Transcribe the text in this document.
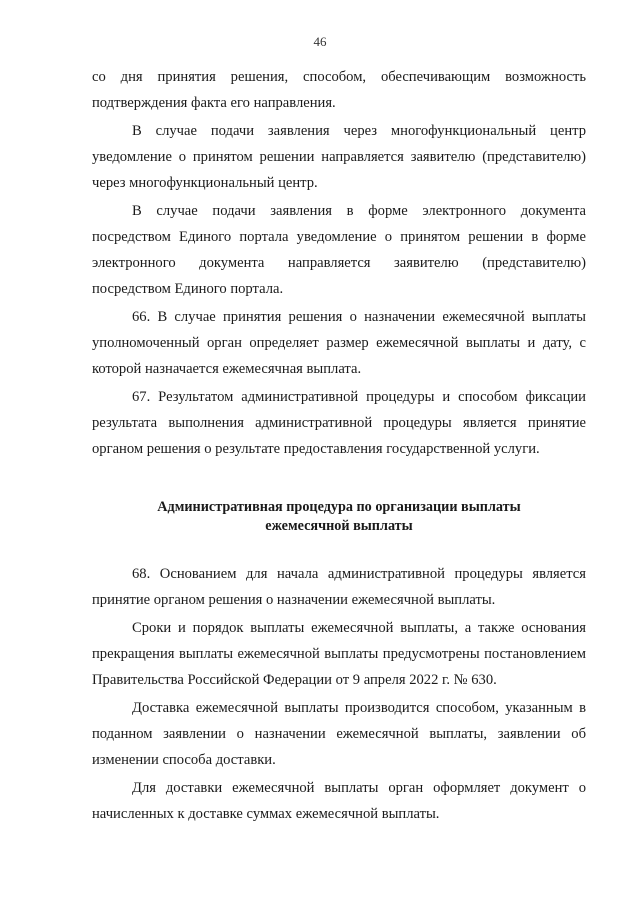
46

со дня принятия решения, способом, обеспечивающим возможность подтверждения факта его направления.

В случае подачи заявления через многофункциональный центр уведомление о принятом решении направляется заявителю (представителю) через многофункциональный центр.

В случае подачи заявления в форме электронного документа посредством Единого портала уведомление о принятом решении в форме электронного документа направляется заявителю (представителю) посредством Единого портала.

66. В случае принятия решения о назначении ежемесячной выплаты уполномоченный орган определяет размер ежемесячной выплаты и дату, с которой назначается ежемесячная выплата.

67. Результатом административной процедуры и способом фиксации результата выполнения административной процедуры является принятие органом решения о результате предоставления государственной услуги.

Административная процедура по организации выплаты
ежемесячной выплаты

68. Основанием для начала административной процедуры является принятие органом решения о назначении ежемесячной выплаты.

Сроки и порядок выплаты ежемесячной выплаты, а также основания прекращения выплаты ежемесячной выплаты предусмотрены постановлением Правительства Российской Федерации от 9 апреля 2022 г. № 630.

Доставка ежемесячной выплаты производится способом, указанным в поданном заявлении о назначении ежемесячной выплаты, заявлении об изменении способа доставки.

Для доставки ежемесячной выплаты орган оформляет документ о начисленных к доставке суммах ежемесячной выплаты.
